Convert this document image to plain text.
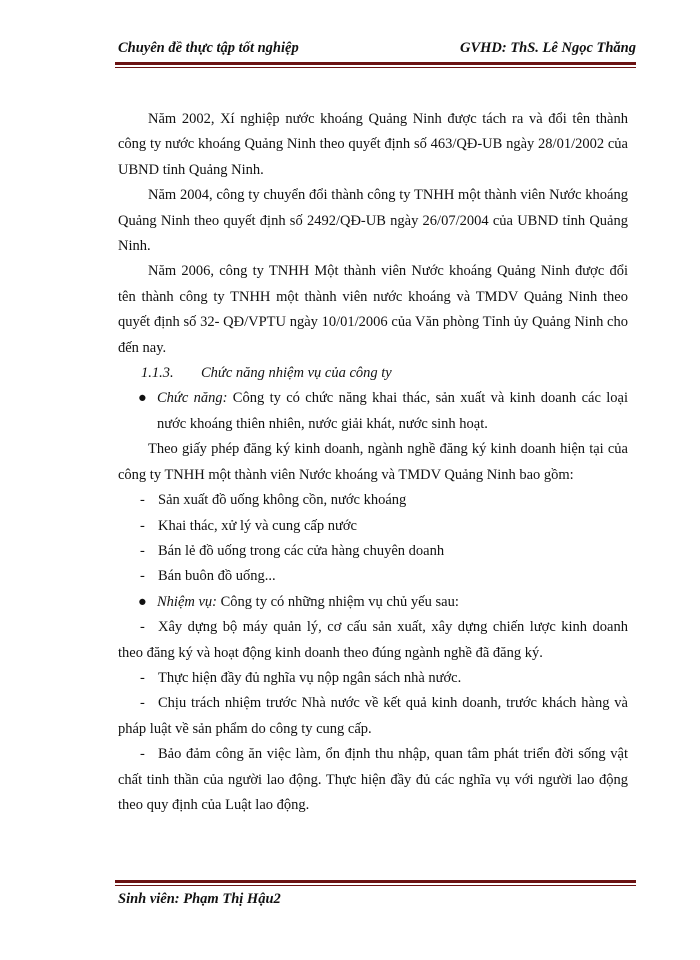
Chuyên đề thực tập tốt nghiệp	GVHD: ThS. Lê Ngọc Thăng

Năm 2002, Xí nghiệp nước khoáng Quảng Ninh được tách ra và đổi tên thành công ty nước khoáng Quảng Ninh theo quyết định số 463/QĐ-UB ngày 28/01/2002 của UBND tỉnh Quảng Ninh.

Năm 2004, công ty chuyển đổi thành công ty TNHH một thành viên Nước khoáng Quảng Ninh theo quyết định số 2492/QĐ-UB ngày 26/07/2004 của UBND tỉnh Quảng Ninh.

Năm 2006, công ty TNHH Một thành viên Nước khoáng Quảng Ninh được đổi tên thành công ty TNHH một thành viên nước khoáng và TMDV Quảng Ninh theo quyết định số 32- QĐ/VPTU ngày 10/01/2006 của Văn phòng Tỉnh ủy Quảng Ninh cho đến nay.

1.1.3. Chức năng nhiệm vụ của công ty

● Chức năng: Công ty có chức năng khai thác, sản xuất và kinh doanh các loại nước khoáng thiên nhiên, nước giải khát, nước sinh hoạt.

Theo giấy phép đăng ký kinh doanh, ngành nghề đăng ký kinh doanh hiện tại của công ty TNHH một thành viên Nước khoáng và TMDV Quảng Ninh bao gồm:

- Sản xuất đồ uống không cồn, nước khoáng

- Khai thác, xử lý và cung cấp nước

- Bán lẻ đồ uống trong các cửa hàng chuyên doanh

- Bán buôn đồ uống...

● Nhiệm vụ: Công ty có những nhiệm vụ chủ yếu sau:

- Xây dựng bộ máy quản lý, cơ cấu sản xuất, xây dựng chiến lược kinh doanh theo đăng ký và hoạt động kinh doanh theo đúng ngành nghề đã đăng ký.

- Thực hiện đầy đủ nghĩa vụ nộp ngân sách nhà nước.

- Chịu trách nhiệm trước Nhà nước về kết quả kinh doanh, trước khách hàng và pháp luật về sản phẩm do công ty cung cấp.

- Bảo đảm công ăn việc làm, ổn định thu nhập, quan tâm phát triển đời sống vật chất tinh thần của người lao động. Thực hiện đầy đủ các nghĩa vụ với người lao động theo quy định của Luật lao động.

Sinh viên: Phạm Thị Hậu2
